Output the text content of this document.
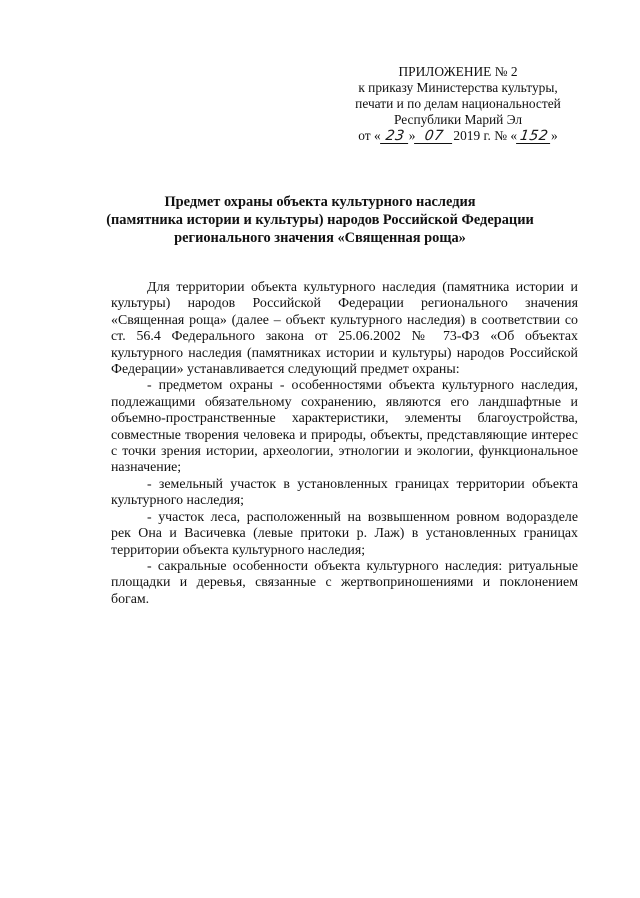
ПРИЛОЖЕНИЕ № 2
к приказу Министерства культуры,
печати и по делам национальностей
Республики Марий Эл
от « 23 » 07 2019 г. № « 152 »
Предмет охраны объекта культурного наследия
(памятника истории и культуры) народов Российской Федерации
регионального значения «Священная роща»

Для территории объекта культурного наследия (памятника истории и культуры) народов Российской Федерации регионального значения «Священная роща» (далее – объект культурного наследия) в соответствии со ст. 56.4 Федерального закона от 25.06.2002 № 73-ФЗ «Об объектах культурного наследия (памятниках истории и культуры) народов Российской Федерации» устанавливается следующий предмет охраны:

- предметом охраны - особенностями объекта культурного наследия, подлежащими обязательному сохранению, являются его ландшафтные и объемно-пространственные характеристики, элементы благоустройства, совместные творения человека и природы, объекты, представляющие интерес с точки зрения истории, археологии, этнологии и экологии, функциональное назначение;

- земельный участок в установленных границах территории объекта культурного наследия;

- участок леса, расположенный на возвышенном ровном водоразделе рек Она и Васичевка (левые притоки р. Лаж) в установленных границах территории объекта культурного наследия;

- сакральные особенности объекта культурного наследия: ритуальные площадки и деревья, связанные с жертвоприношениями и поклонением богам.
